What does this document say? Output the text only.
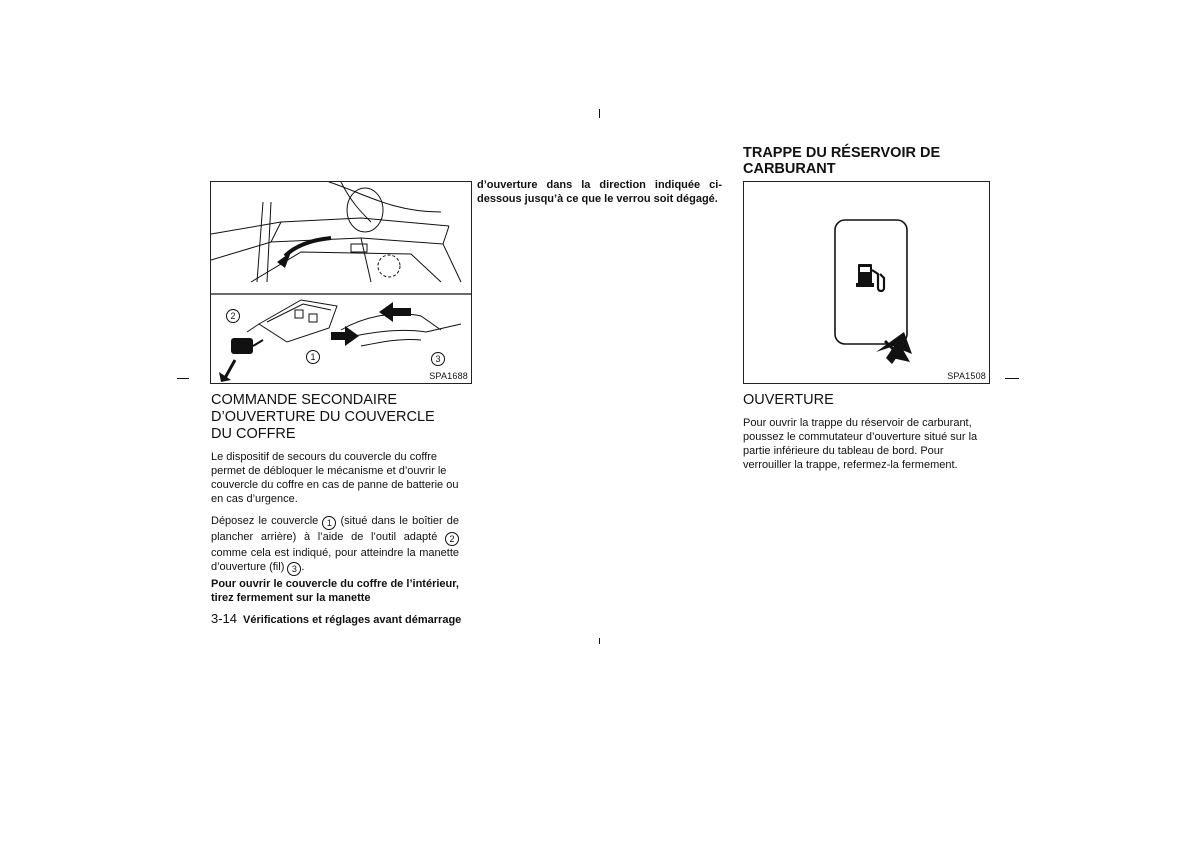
2
1	3
SPA1688
COMMANDE SECONDAIRE
D’OUVERTURE DU COUVERCLE
DU COFFRE

Le dispositif de secours du couvercle du coffre permet de débloquer le mécanisme et d’ouvrir le couvercle du coffre en cas de panne de batterie ou en cas d’urgence.

Déposez le couvercle 1 (situé dans le boîtier de plancher arrière) à l’aide de l’outil adapté 2 comme cela est indiqué, pour atteindre la manette d’ouverture (fil) 3 .

Pour ouvrir le couvercle du coffre de l’intérieur, tirez fermement sur la manette

d’ouverture dans la direction indiquée ci-dessous jusqu’à ce que le verrou soit dégagé.

TRAPPE DU RÉSERVOIR DE
CARBURANT
SPA1508
OUVERTURE

Pour ouvrir la trappe du réservoir de carburant, poussez le commutateur d’ouverture situé sur la partie inférieure du tableau de bord. Pour verrouiller la trappe, refermez-la fermement.

3-14 Vérifications et réglages avant démarrage
